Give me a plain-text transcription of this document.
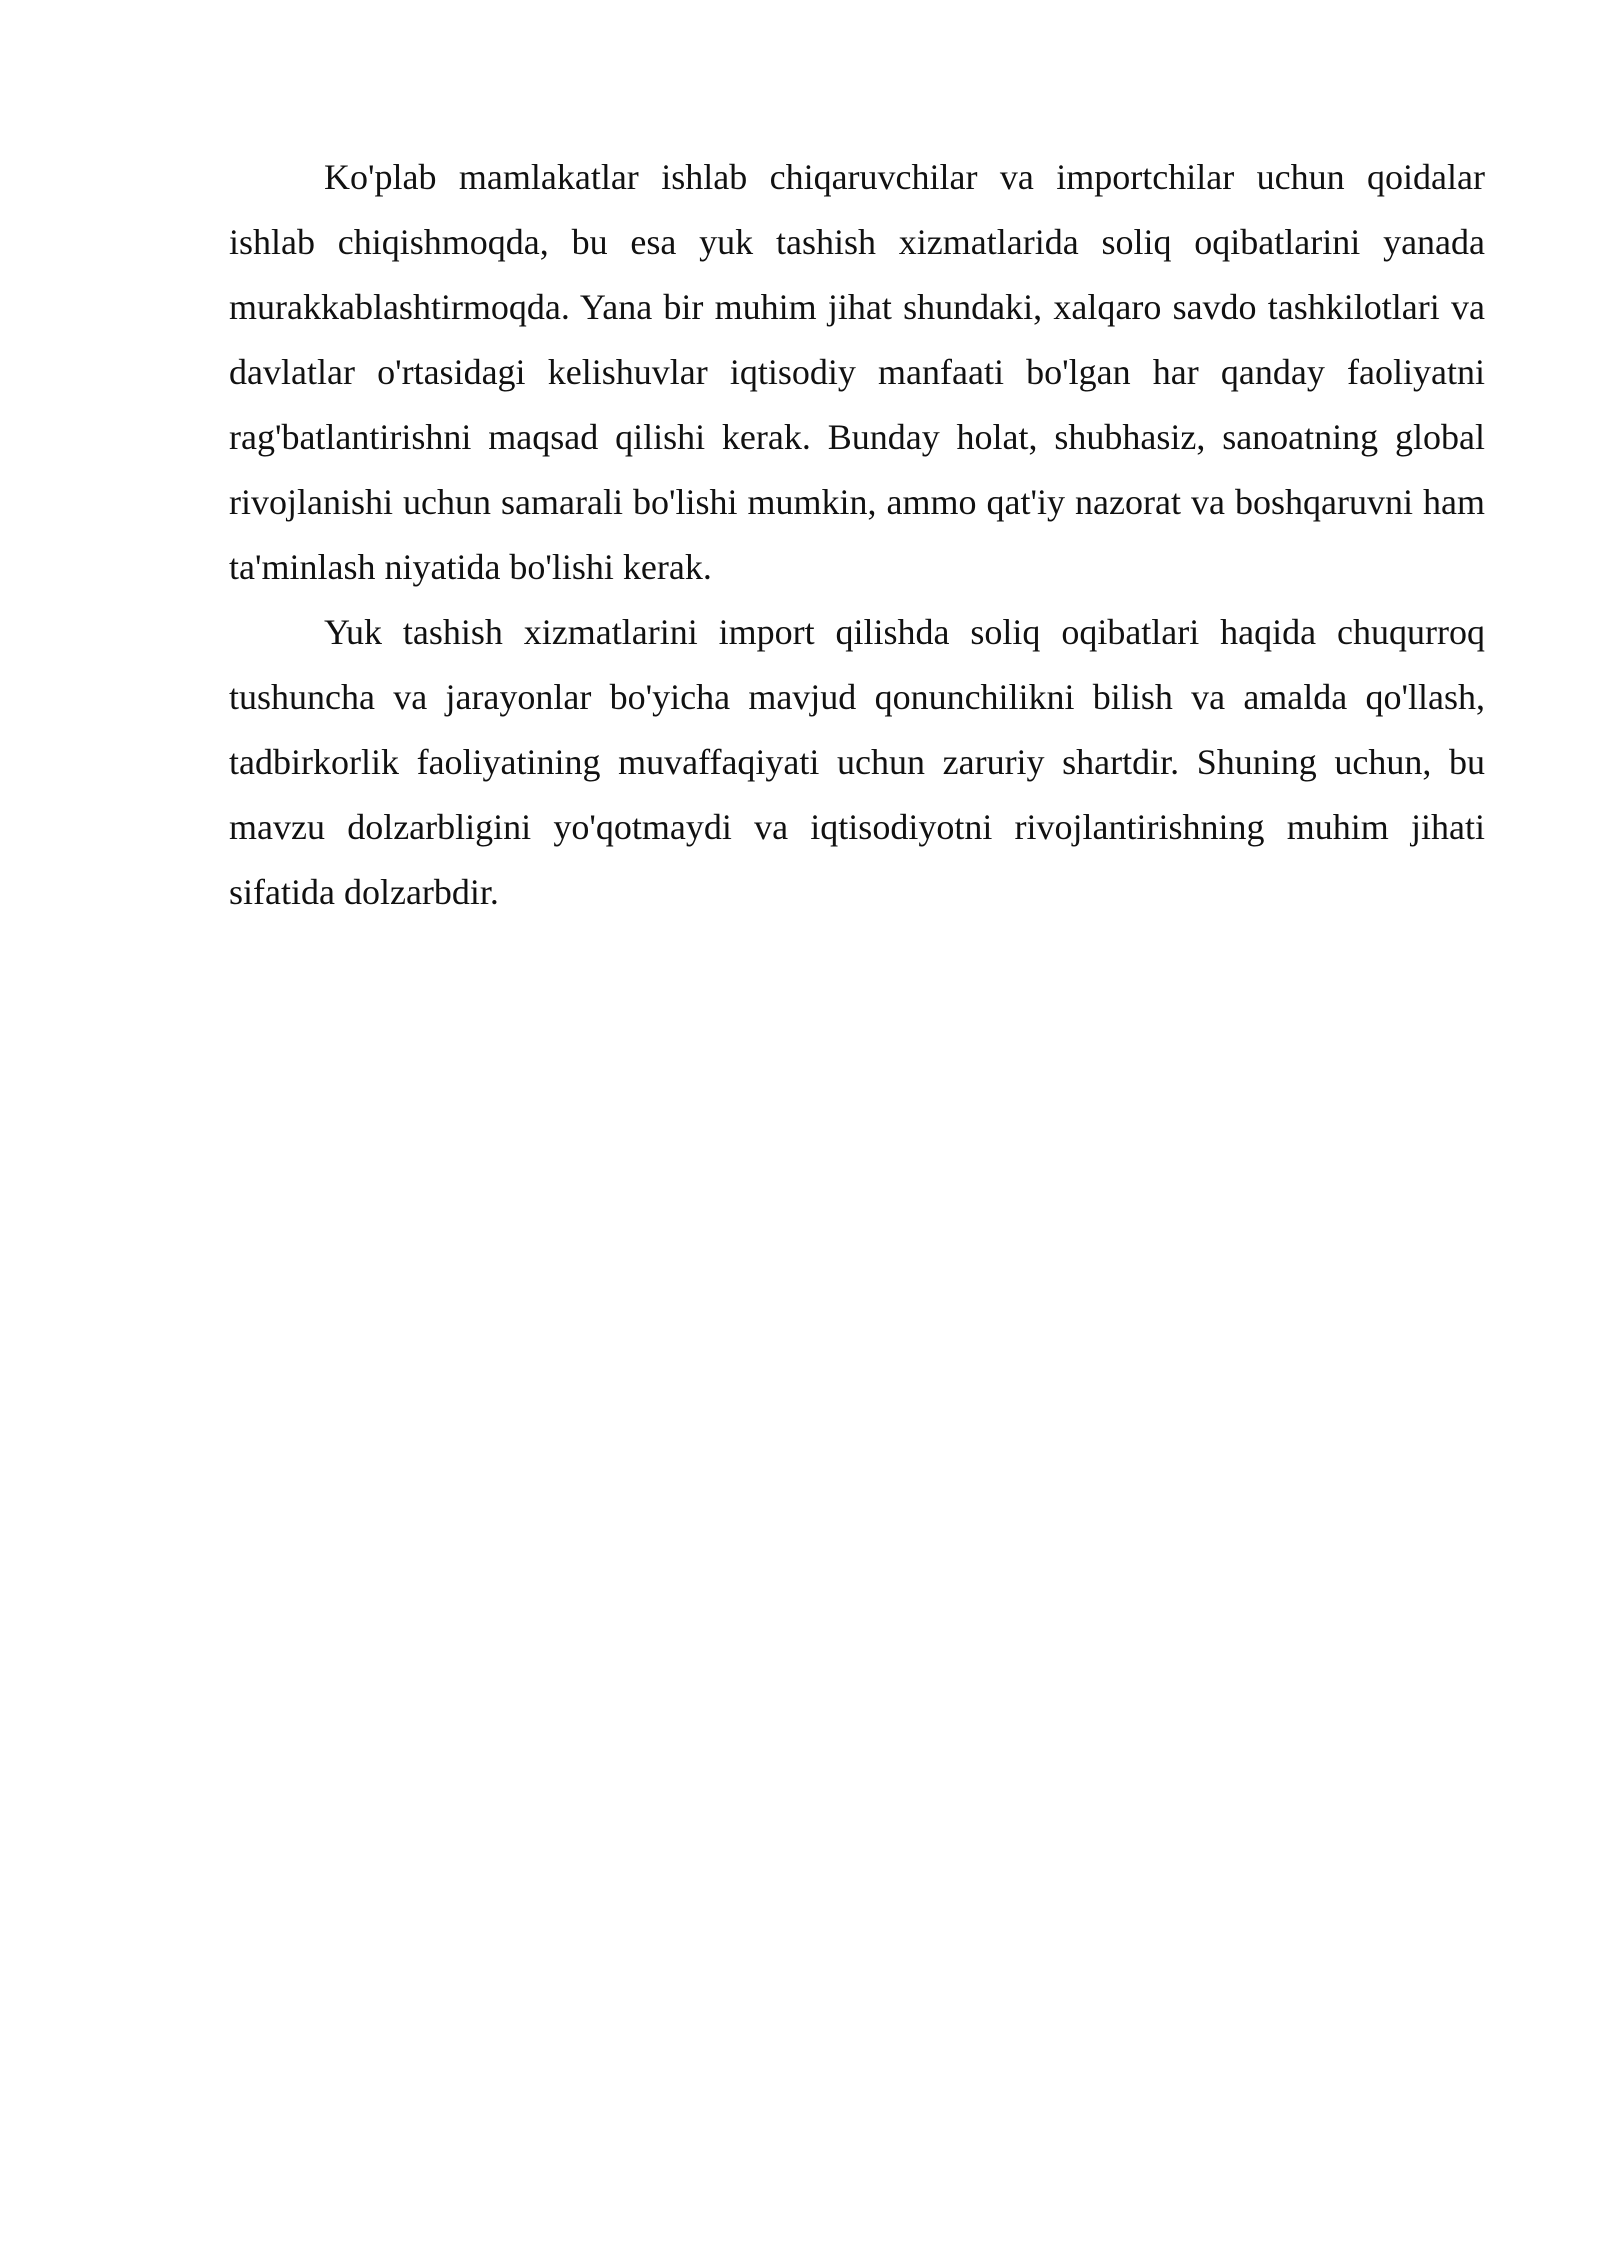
Ko'plab mamlakatlar ishlab chiqaruvchilar va importchilar uchun qoidalar ishlab chiqishmoqda, bu esa yuk tashish xizmatlarida soliq oqibatlarini yanada murakkablashtirmoqda. Yana bir muhim jihat shundaki, xalqaro savdo tashkilotlari va davlatlar o'rtasidagi kelishuvlar iqtisodiy manfaati bo'lgan har qanday faoliyatni rag'batlantirishni maqsad qilishi kerak. Bunday holat, shubhasiz, sanoatning global rivojlanishi uchun samarali bo'lishi mumkin, ammo qat'iy nazorat va boshqaruvni ham ta'minlash niyatida bo'lishi kerak.

Yuk tashish xizmatlarini import qilishda soliq oqibatlari haqida chuqurroq tushuncha va jarayonlar bo'yicha mavjud qonunchilikni bilish va amalda qo'llash, tadbirkorlik faoliyatining muvaffaqiyati uchun zaruriy shartdir. Shuning uchun, bu mavzu dolzarbligini yo'qotmaydi va iqtisodiyotni rivojlantirishning muhim jihati sifatida dolzarbdir.
